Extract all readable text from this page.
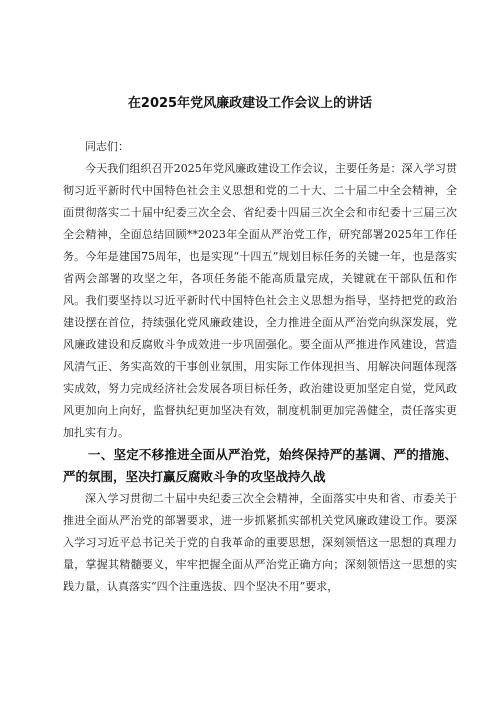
在2025年党风廉政建设工作会议上的讲话

同志们：

今天我们组织召开2025年党风廉政建设工作会议，主要任务是：深入学习贯彻习近平新时代中国特色社会主义思想和党的二十大、二十届二中全会精神，全面贯彻落实二十届中纪委三次全会、省纪委十四届三次全会和市纪委十三届三次全会精神，全面总结回顾**2023年全面从严治党工作，研究部署2025年工作任务。今年是建国75周年，也是实现“十四五”规划目标任务的关键一年，也是落实省两会部署的攻坚之年，各项任务能不能高质量完成，关键就在干部队伍和作风。我们要坚持以习近平新时代中国特色社会主义思想为指导，坚持把党的政治建设摆在首位，持续强化党风廉政建设，全力推进全面从严治党向纵深发展，党风廉政建设和反腐败斗争成效进一步巩固强化。要全面从严推进作风建设，营造风清气正、务实高效的干事创业氛围，用实际工作体现担当、用解决问题体现落实成效，努力完成经济社会发展各项目标任务，政治建设更加坚定自觉，党风政风更加向上向好，监督执纪更加坚决有效，制度机制更加完善健全，责任落实更加扎实有力。

一、坚定不移推进全面从严治党，始终保持严的基调、严的措施、严的氛围，坚决打赢反腐败斗争的攻坚战持久战

深入学习贯彻二十届中央纪委三次全会精神，全面落实中央和省、市委关于推进全面从严治党的部署要求，进一步抓紧抓实部机关党风廉政建设工作。要深入学习习近平总书记关于党的自我革命的重要思想，深刻领悟这一思想的真理力量，掌握其精髓要义，牢牢把握全面从严治党正确方向；深刻领悟这一思想的实践力量，认真落实“四个注重选拔、四个坚决不用”要求，
